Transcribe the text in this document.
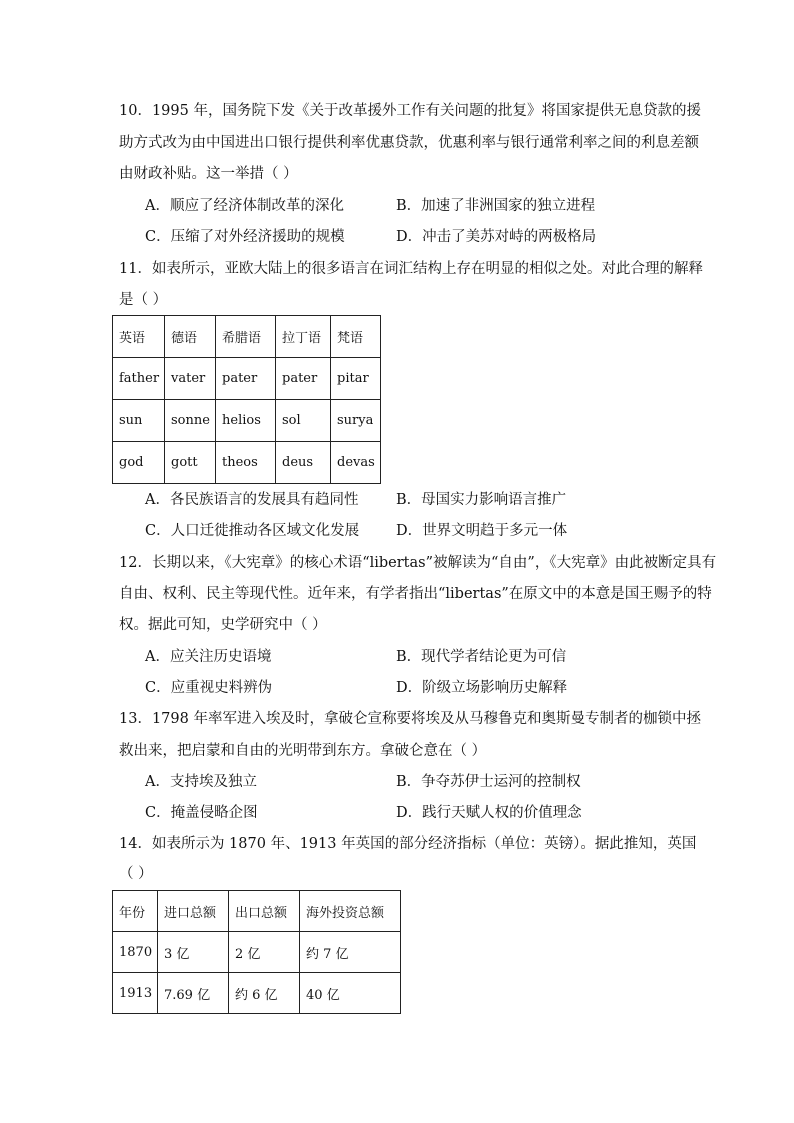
10．1995 年，国务院下发《关于改革援外工作有关问题的批复》将国家提供无息贷款的援
助方式改为由中国进出口银行提供利率优惠贷款，优惠利率与银行通常利率之间的利息差额
由财政补贴。这一举措（ ）
A．顺应了经济体制改革的深化	B．加速了非洲国家的独立进程
C．压缩了对外经济援助的规模	D．冲击了美苏对峙的两极格局
11．如表所示，亚欧大陆上的很多语言在词汇结构上存在明显的相似之处。对此合理的解释
是（ ）
英语	德语	希腊语	拉丁语	梵语
father	vater	pater	pater	pitar
sun	sonne	helios	sol	surya
god	gott	theos	deus	devas
A．各民族语言的发展具有趋同性	B．母国实力影响语言推广
C．人口迁徙推动各区域文化发展	D．世界文明趋于多元一体
12．长期以来，《大宪章》的核心术语“libertas”被解读为“自由”，《大宪章》由此被断定具有
自由、权利、民主等现代性。近年来，有学者指出“libertas”在原文中的本意是国王赐予的特
权。据此可知，史学研究中（ ）
A．应关注历史语境	B．现代学者结论更为可信
C．应重视史料辨伪	D．阶级立场影响历史解释
13．1798 年率军进入埃及时，拿破仑宣称要将埃及从马穆鲁克和奥斯曼专制者的枷锁中拯
救出来，把启蒙和自由的光明带到东方。拿破仑意在（ ）
A．支持埃及独立	B．争夺苏伊士运河的控制权
C．掩盖侵略企图	D．践行天赋人权的价值理念
14．如表所示为 1870 年、1913 年英国的部分经济指标（单位：英镑）。据此推知，英国
（ ）
年份	进口总额	出口总额	海外投资总额
1870	3 亿	2 亿	约 7 亿
1913	7.69 亿	约 6 亿	40 亿
